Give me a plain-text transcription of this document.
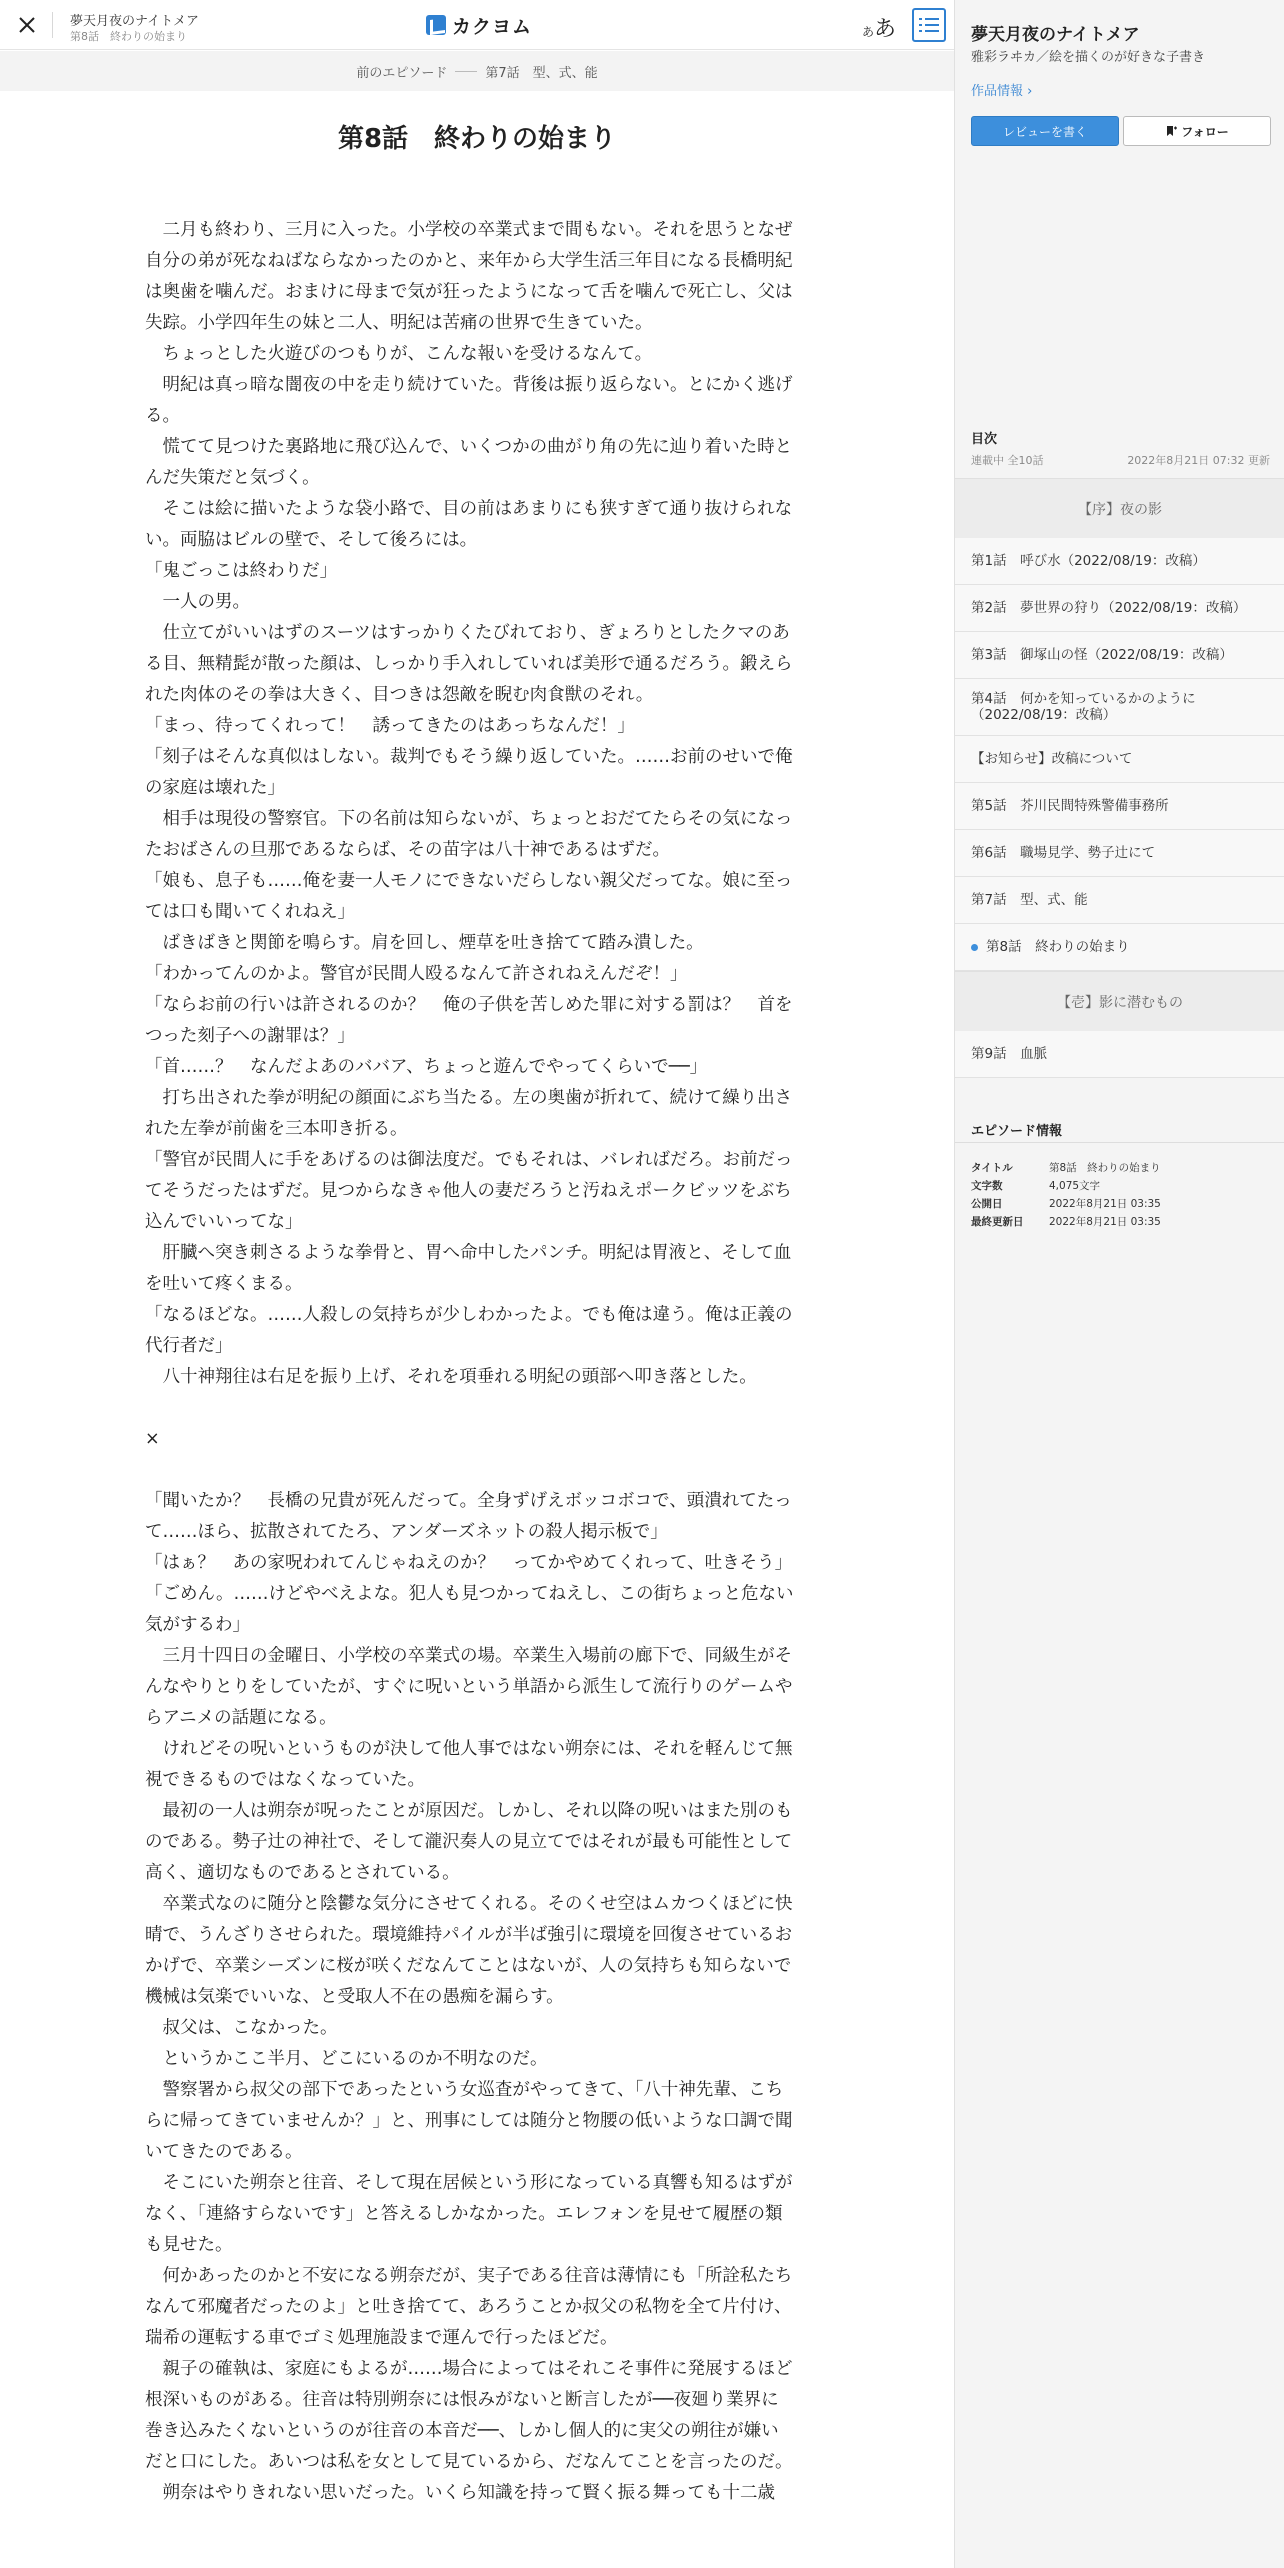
夢天月夜のナイトメア
第8話　終わりの始まり	カクヨム	ああ
前のエピソード	第7話　型、式、能
第8話　終わりの始まり

　二月も終わり、三月に入った。小学校の卒業式まで間もない。それを思うとなぜ自分の弟が死なねばならなかったのかと、来年から大学生活三年目になる長橋明紀は奥歯を噛んだ。おまけに母まで気が狂ったようになって舌を噛んで死亡し、父は失踪。小学四年生の妹と二人、明紀は苦痛の世界で生きていた。

　ちょっとした火遊びのつもりが、こんな報いを受けるなんて。

　明紀は真っ暗な闇夜の中を走り続けていた。背後は振り返らない。とにかく逃げる。

　慌てて見つけた裏路地に飛び込んで、いくつかの曲がり角の先に辿り着いた時とんだ失策だと気づく。

　そこは絵に描いたような袋小路で、目の前はあまりにも狭すぎて通り抜けられない。両脇はビルの壁で、そして後ろには。

「鬼ごっこは終わりだ」

　一人の男。

　仕立てがいいはずのスーツはすっかりくたびれており、ぎょろりとしたクマのある目、無精髭が散った顔は、しっかり手入れしていれば美形で通るだろう。鍛えられた肉体のその拳は大きく、目つきは怨敵を睨む肉食獣のそれ。

「まっ、待ってくれって！　誘ってきたのはあっちなんだ！」

「刻子はそんな真似はしない。裁判でもそう繰り返していた。……お前のせいで俺の家庭は壊れた」

　相手は現役の警察官。下の名前は知らないが、ちょっとおだてたらその気になったおばさんの旦那であるならば、その苗字は八十神であるはずだ。

「娘も、息子も……俺を妻一人モノにできないだらしない親父だってな。娘に至っては口も聞いてくれねえ」

　ばきばきと関節を鳴らす。肩を回し、煙草を吐き捨てて踏み潰した。

「わかってんのかよ。警官が民間人殴るなんて許されねえんだぞ！」

「ならお前の行いは許されるのか？　俺の子供を苦しめた罪に対する罰は？　首をつった刻子への謝罪は？」

「首……？　なんだよあのババア、ちょっと遊んでやってくらいで──」

　打ち出された拳が明紀の顔面にぶち当たる。左の奥歯が折れて、続けて繰り出された左拳が前歯を三本叩き折る。

「警官が民間人に手をあげるのは御法度だ。でもそれは、バレればだろ。お前だってそうだったはずだ。見つからなきゃ他人の妻だろうと汚ねえポークビッツをぶち込んでいいってな」

　肝臓へ突き刺さるような拳骨と、胃へ命中したパンチ。明紀は胃液と、そして血を吐いて疼くまる。

「なるほどな。……人殺しの気持ちが少しわかったよ。でも俺は違う。俺は正義の代行者だ」

　八十神翔往は右足を振り上げ、それを項垂れる明紀の頭部へ叩き落とした。

×

「聞いたか？　長橋の兄貴が死んだって。全身ずげえボッコボコで、頭潰れてたって……ほら、拡散されてたろ、アンダーズネットの殺人掲示板で」

「はぁ？　あの家呪われてんじゃねえのか？　ってかやめてくれって、吐きそう」

「ごめん。……けどやべえよな。犯人も見つかってねえし、この街ちょっと危ない気がするわ」

　三月十四日の金曜日、小学校の卒業式の場。卒業生入場前の廊下で、同級生がそんなやりとりをしていたが、すぐに呪いという単語から派生して流行りのゲームやらアニメの話題になる。

　けれどその呪いというものが決して他人事ではない朔奈には、それを軽んじて無視できるものではなくなっていた。

　最初の一人は朔奈が呪ったことが原因だ。しかし、それ以降の呪いはまた別のものである。勢子辻の神社で、そして瀧沢奏人の見立てではそれが最も可能性として高く、適切なものであるとされている。

　卒業式なのに随分と陰鬱な気分にさせてくれる。そのくせ空はムカつくほどに快晴で、うんざりさせられた。環境維持パイルが半ば強引に環境を回復させているおかげで、卒業シーズンに桜が咲くだなんてことはないが、人の気持ちも知らないで機械は気楽でいいな、と受取人不在の愚痴を漏らす。

　叔父は、こなかった。

　というかここ半月、どこにいるのか不明なのだ。

　警察署から叔父の部下であったという女巡査がやってきて、「八十神先輩、こちらに帰ってきていませんか？」と、刑事にしては随分と物腰の低いような口調で聞いてきたのである。

　そこにいた朔奈と往音、そして現在居候という形になっている真響も知るはずがなく、「連絡すらないです」と答えるしかなかった。エレフォンを見せて履歴の類も見せた。

　何かあったのかと不安になる朔奈だが、実子である往音は薄情にも「所詮私たちなんて邪魔者だったのよ」と吐き捨てて、あろうことか叔父の私物を全て片付け、瑞希の運転する車でゴミ処理施設まで運んで行ったほどだ。

　親子の確執は、家庭にもよるが……場合によってはそれこそ事件に発展するほど根深いものがある。往音は特別朔奈には恨みがないと断言したが──夜廻り業界に巻き込みたくないというのが往音の本音だ──、しかし個人的に実父の朔往が嫌いだと口にした。あいつは私を女として見ているから、だなんてことを言ったのだ。

　朔奈はやりきれない思いだった。いくら知識を持って賢く振る舞っても十二歳

夢天月夜のナイトメア
雅彩ラヰカ／絵を描くのが好きな子書き
作品情報 ›
レビューを書く	フォロー
目次
連載中 全10話	2022年8月21日 07:32 更新
【序】夜の影
第1話　呼び水（2022/08/19：改稿）
第2話　夢世界の狩り（2022/08/19：改稿）
第3話　御塚山の怪（2022/08/19：改稿）
第4話　何かを知っているかのように（2022/08/19：改稿）
【お知らせ】改稿について
第5話　芥川民間特殊警備事務所
第6話　職場見学、勢子辻にて
第7話　型、式、能
第8話　終わりの始まり
【壱】影に潜むもの
第9話　血脈
エピソード情報
タイトル	第8話　終わりの始まり
文字数	4,075文字
公開日	2022年8月21日 03:35
最終更新日	2022年8月21日 03:35
